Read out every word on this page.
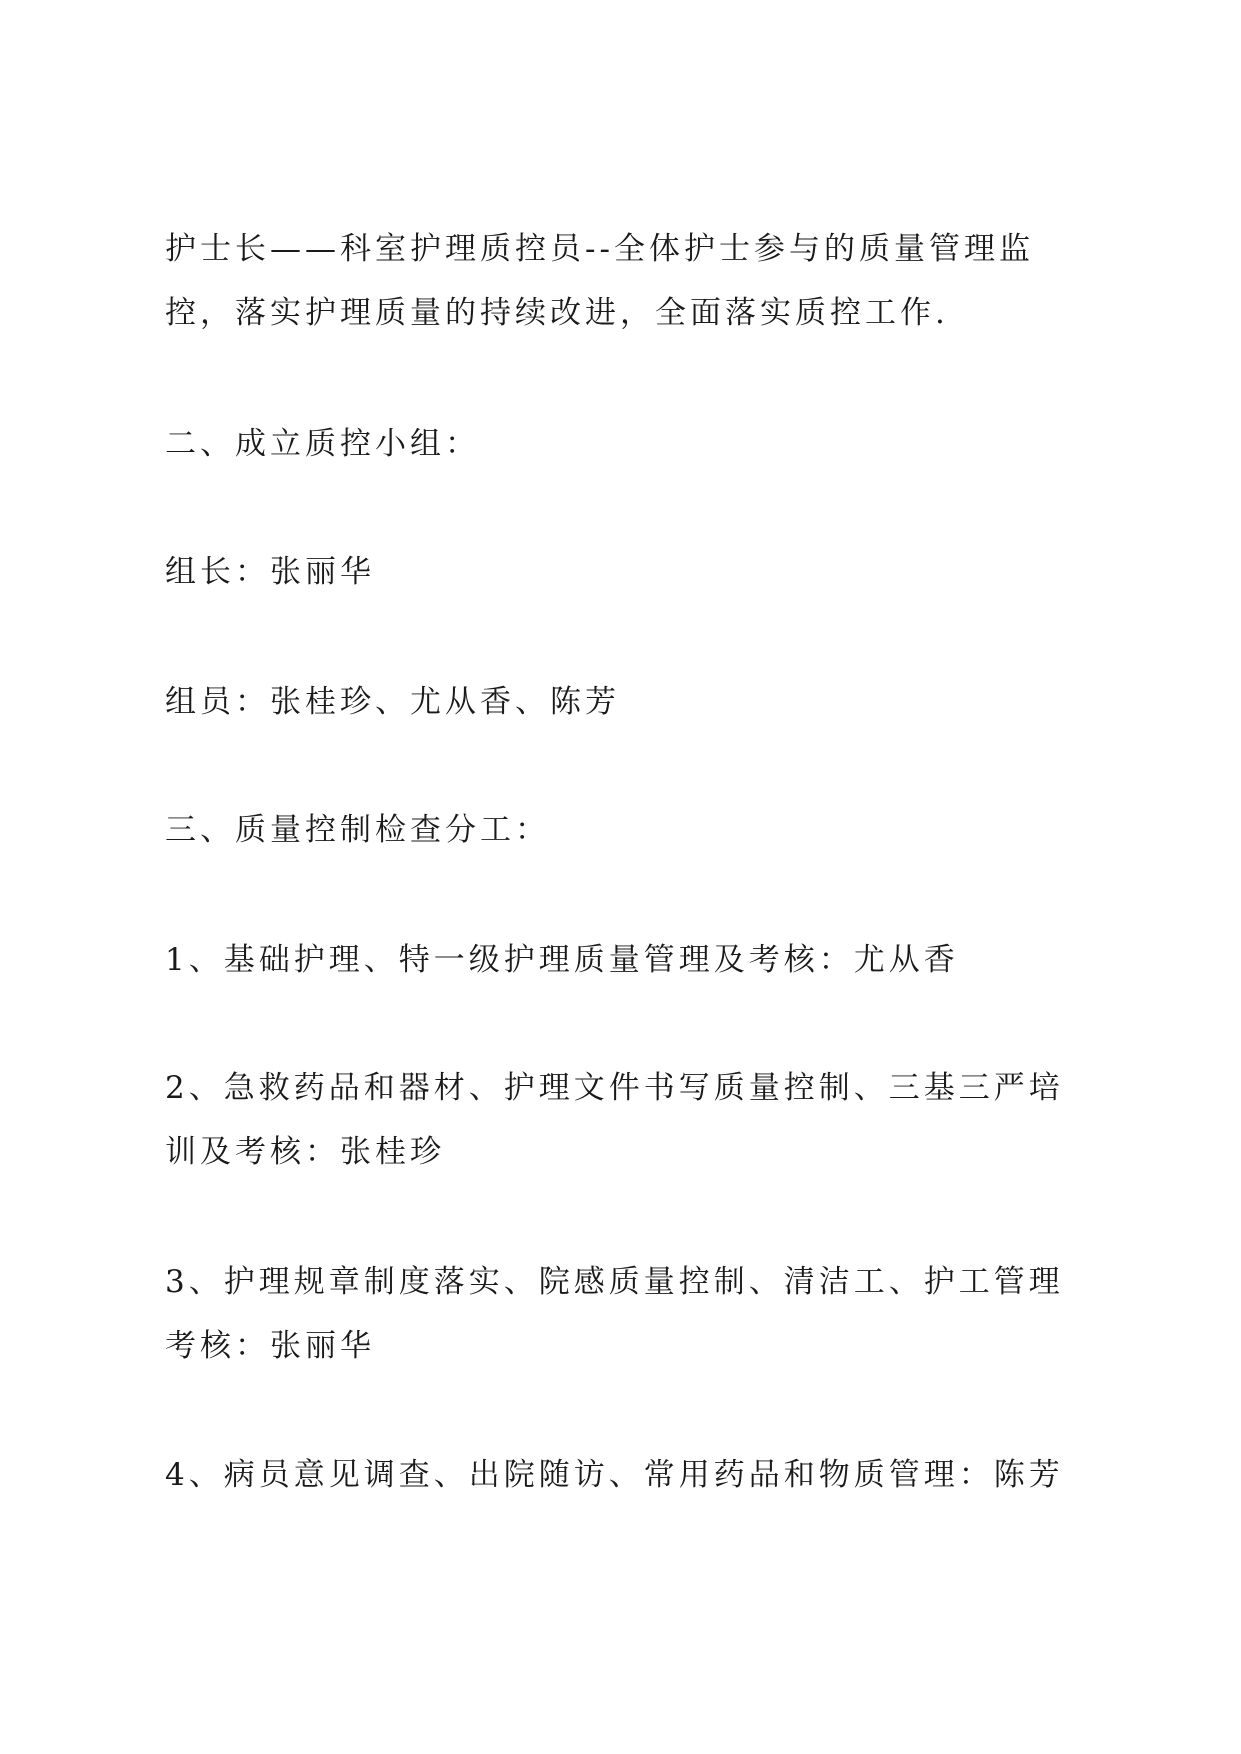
护士长——科室护理质控员--全体护士参与的质量管理监控，落实护理质量的持续改进，全面落实质控工作.

二、成立质控小组：

组长：张丽华

组员：张桂珍、尤从香、陈芳

三、质量控制检查分工：

1、基础护理、特一级护理质量管理及考核：尤从香

2、急救药品和器材、护理文件书写质量控制、三基三严培训及考核：张桂珍

3、护理规章制度落实、院感质量控制、清洁工、护工管理考核：张丽华

4、病员意见调查、出院随访、常用药品和物质管理：陈芳
